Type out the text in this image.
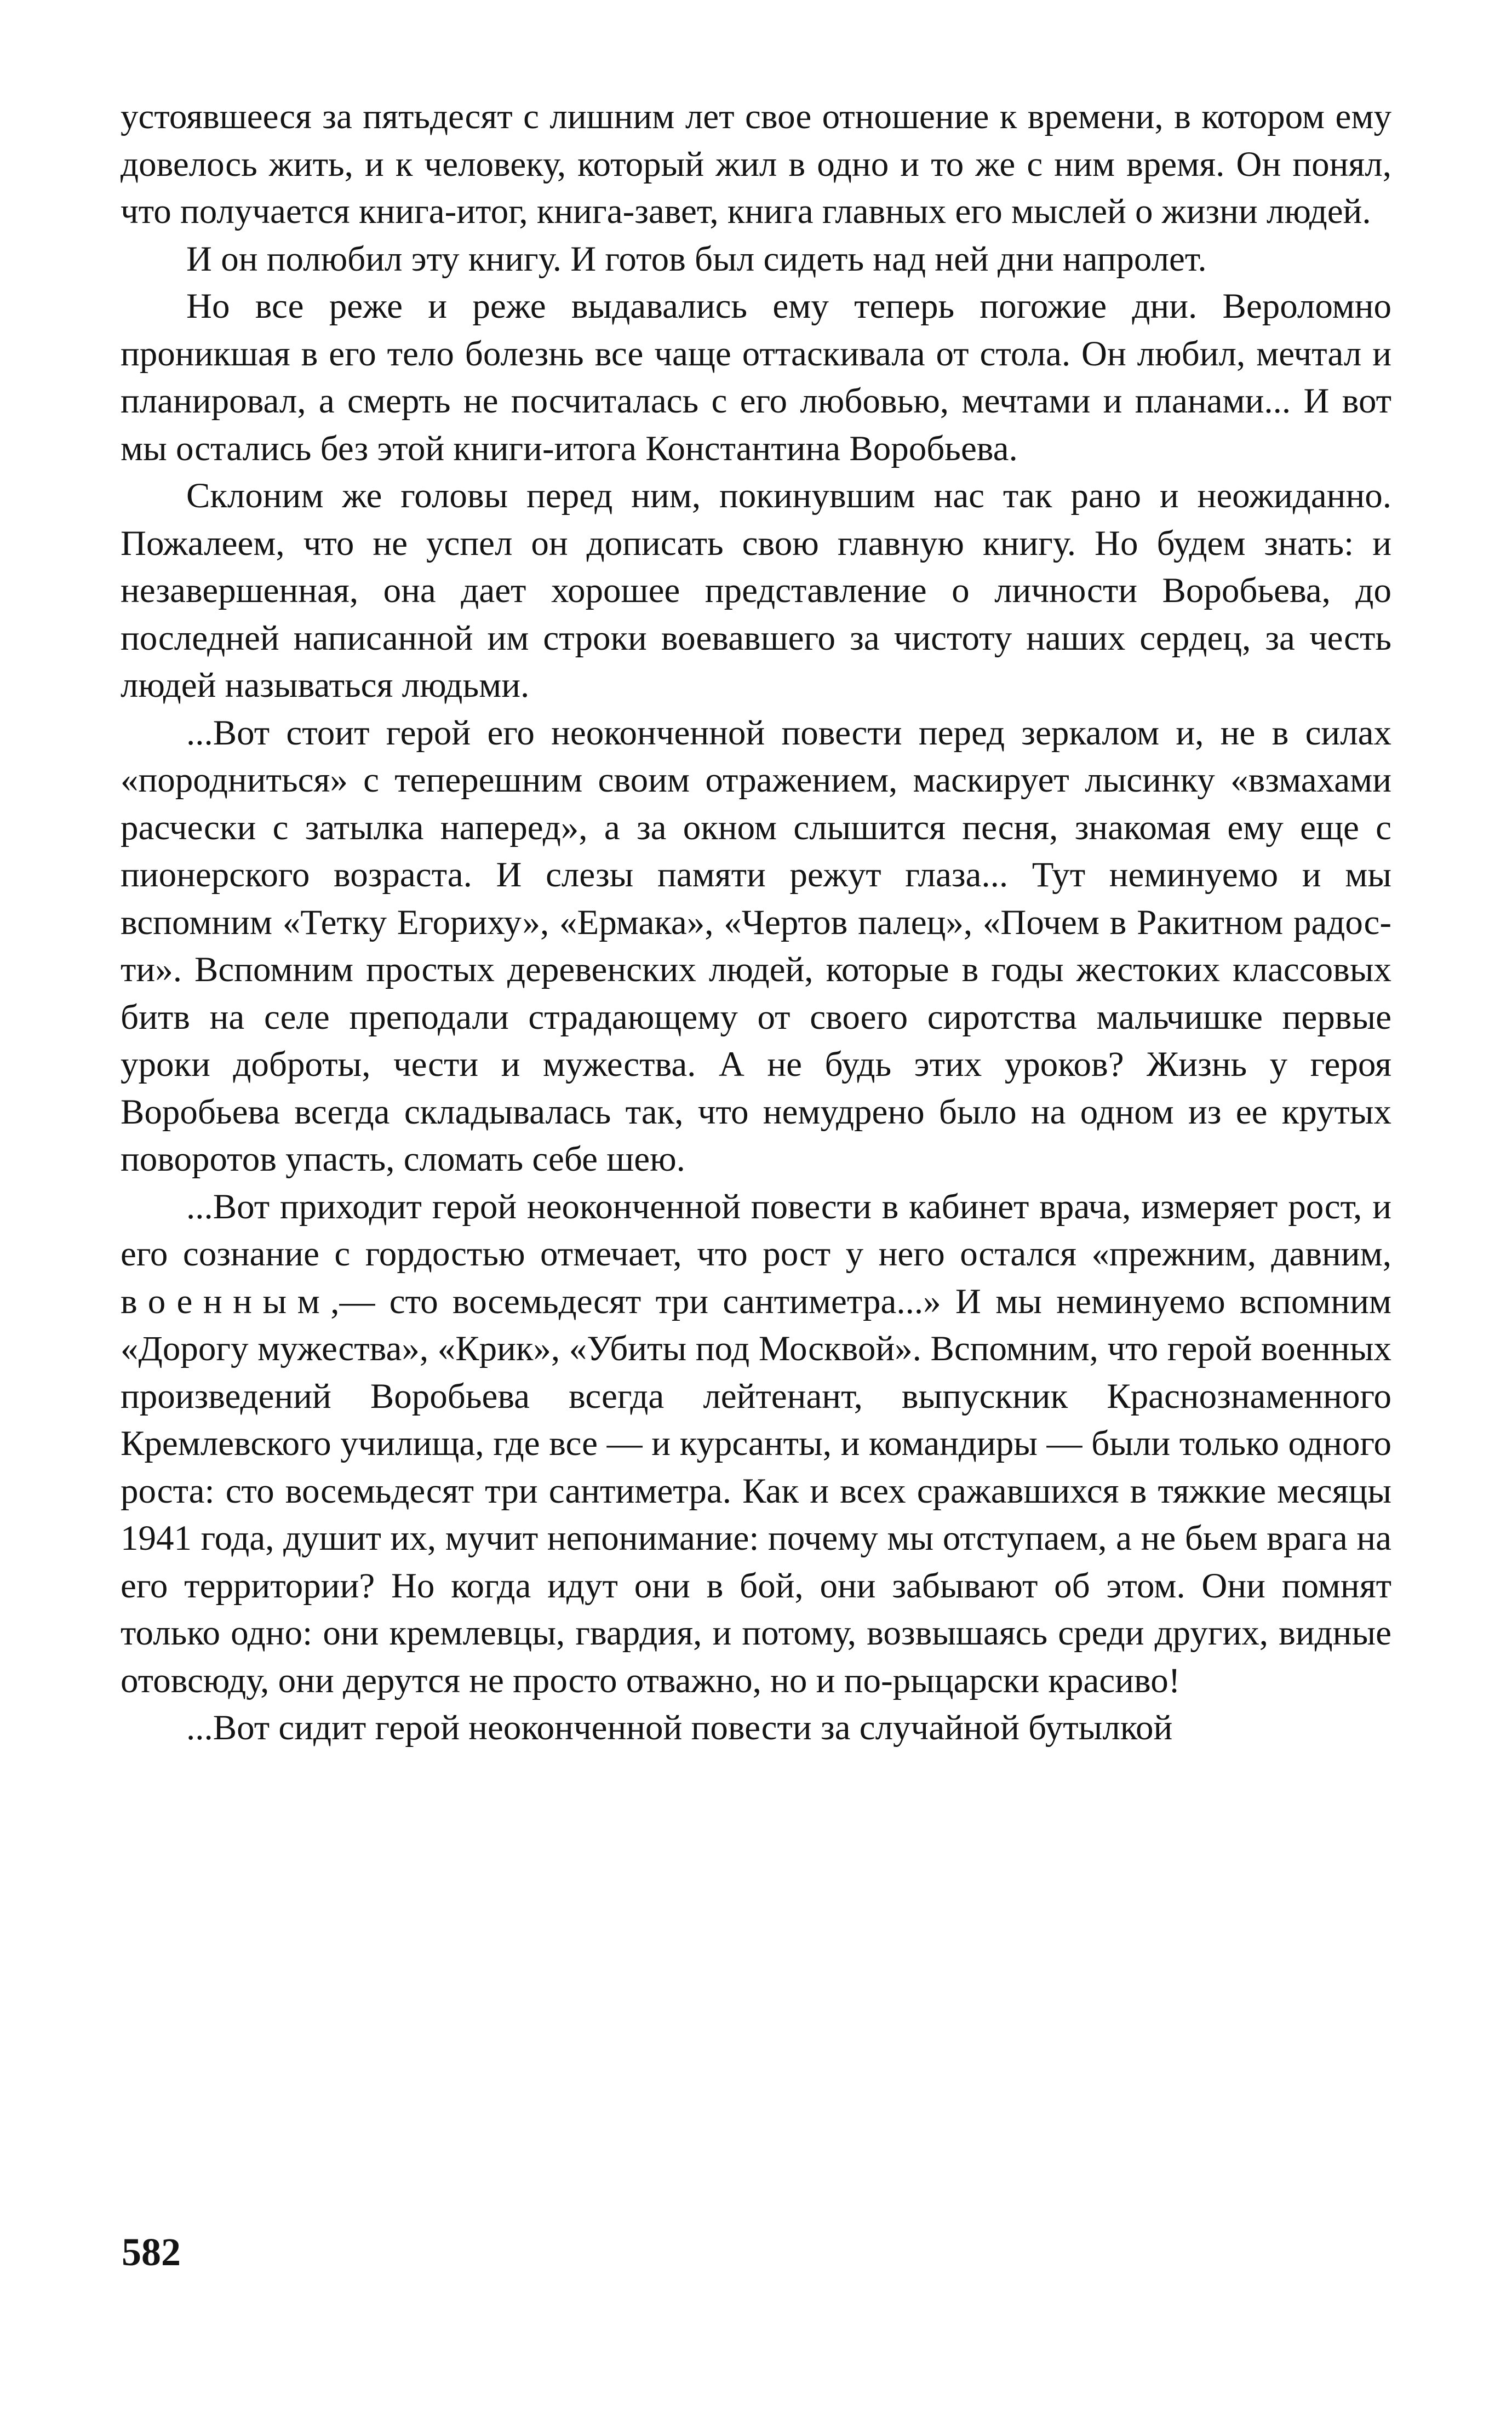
устоявшееся за пятьдесят с лишним лет свое отношение к времени, в котором ему довелось жить, и к человеку, который жил в одно и то же с ним время. Он понял, что получается книга-итог, книга-завет, книга главных его мыслей о жизни людей.

И он полюбил эту книгу. И готов был сидеть над ней дни напролет.

Но все реже и реже выдавались ему теперь погожие дни. Вероломно проникшая в его тело болезнь все чаще оттаскивала от стола. Он любил, мечтал и планировал, а смерть не посчиталась с его любовью, мечтами и планами... И вот мы остались без этой книги-итога Константина Воробьева.

Склоним же головы перед ним, покинувшим нас так рано и неожиданно. Пожалеем, что не успел он дописать свою главную книгу. Но будем знать: и незавершенная, она дает хорошее представление о личности Воробьева, до последней написанной им строки воевавшего за чистоту наших сердец, за честь людей называться людьми.

...Вот стоит герой его неоконченной повести перед зеркалом и, не в силах «породниться» с теперешним своим отражением, маскирует лысинку «взмахами расчески с затылка наперед», а за окном слышится песня, знакомая ему еще с пионерского возраста. И слезы памяти режут глаза... Тут неминуемо и мы вспомним «Тетку Егориху», «Ермака», «Чертов палец», «Почем в Ракитном радости». Вспомним простых деревенских людей, которые в годы жестоких классовых битв на селе преподали страдающему от своего сиротства мальчишке первые уроки доброты, чести и мужества. А не будь этих уроков? Жизнь у героя Воробьева всегда складывалась так, что немудрено было на одном из ее крутых поворотов упасть, сломать себе шею.

...Вот приходит герой неоконченной повести в кабинет врача, измеряет рост, и его сознание с гордостью отмечает, что рост у него остался «прежним, давним, военным,— сто восемьдесят три сантиметра...» И мы неминуемо вспомним «Дорогу мужества», «Крик», «Убиты под Москвой». Вспомним, что герой военных произведений Воробьева всегда лейтенант, выпускник Краснознаменного Кремлевского училища, где все — и курсанты, и командиры — были только одного роста: сто восемьдесят три сантиметра. Как и всех сражавшихся в тяжкие месяцы 1941 года, душит их, мучит непонимание: почему мы отступаем, а не бьем врага на его территории? Но когда идут они в бой, они забывают об этом. Они помнят только одно: они кремлевцы, гвардия, и потому, возвышаясь среди других, видные отовсюду, они дерутся не просто отважно, но и по-рыцарски красиво!

...Вот сидит герой неоконченной повести за случайной бутылкой

582
